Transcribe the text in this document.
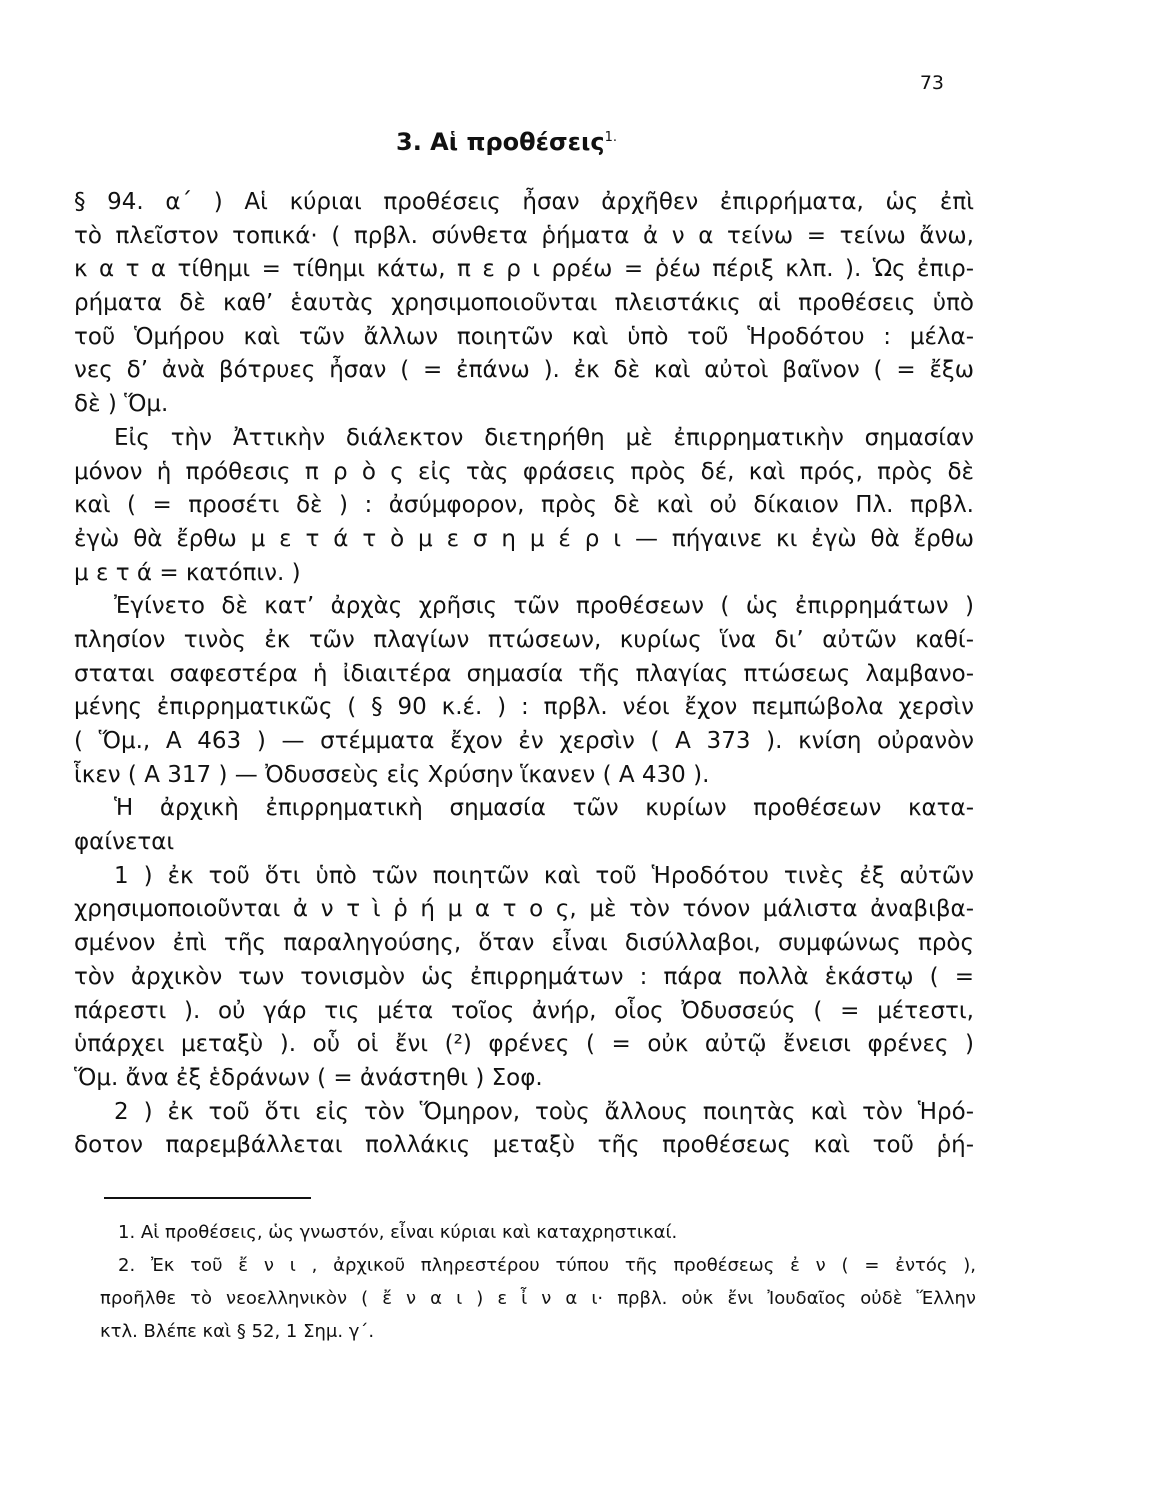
73
3. Αἱ προθέσεις$^{1.}$
§ 94. α´ ) Αἱ κύριαι προθέσεις ἦσαν ἀρχῆθεν ἐπιρρήματα, ὡς ἐπὶ
τὸ πλεῖστον τοπικά· ( πρβλ. σύνθετα ῥήματα ἀ ν α τείνω = τείνω ἄνω,
κ α τ α τίθημι = τίθημι κάτω, π ε ρ ι ρρέω = ῥέω πέριξ κλπ. ). Ὡς ἐπιρ-
ρήματα δὲ καθ’ ἑαυτὰς χρησιμοποιοῦνται πλειστάκις αἱ προθέσεις ὑπὸ
τοῦ Ὁμήρου καὶ τῶν ἄλλων ποιητῶν καὶ ὑπὸ τοῦ Ἡροδότου : μέλα-
νες δ’ ἀνὰ βότρυες ἦσαν ( = ἐπάνω ). ἐκ δὲ καὶ αὐτοὶ βαῖνον ( = ἔξω
δὲ ) Ὅμ.
Εἰς τὴν Ἀττικὴν διάλεκτον διετηρήθη μὲ ἐπιρρηματικὴν σημασίαν
μόνον ἡ πρόθεσις π ρ ὸ ς εἰς τὰς φράσεις πρὸς δέ, καὶ πρός, πρὸς δὲ
καὶ ( = προσέτι δὲ ) : ἀσύμφορον, πρὸς δὲ καὶ οὐ δίκαιον Πλ. πρβλ.
ἐγὼ θὰ ἔρθω μ ε τ ά τ ὸ μ ε σ η μ έ ρ ι — πήγαινε κι ἐγὼ θὰ ἔρθω
μ ε τ ά = κατόπιν. )
Ἐγίνετο δὲ κατ’ ἀρχὰς χρῆσις τῶν προθέσεων ( ὡς ἐπιρρημάτων )
πλησίον τινὸς ἐκ τῶν πλαγίων πτώσεων, κυρίως ἵνα δι’ αὐτῶν καθί-
σταται σαφεστέρα ἡ ἰδιαιτέρα σημασία τῆς πλαγίας πτώσεως λαμβανο-
μένης ἐπιρρηματικῶς ( § 90 κ.έ. ) : πρβλ. νέοι ἔχον πεμπώβολα χερσὶν
( Ὅμ., Α 463 ) — στέμματα ἔχον ἐν χερσὶν ( Α 373 ). κνίση οὐρανὸν
ἷκεν ( Α 317 ) — Ὀδυσσεὺς εἰς Χρύσην ἵκανεν ( Α 430 ).
Ἡ ἀρχικὴ ἐπιρρηματικὴ σημασία τῶν κυρίων προθέσεων κατα-
φαίνεται
1 ) ἐκ τοῦ ὅτι ὑπὸ τῶν ποιητῶν καὶ τοῦ Ἡροδότου τινὲς ἐξ αὐτῶν
χρησιμοποιοῦνται ἀ ν τ ὶ ῥ ή μ α τ ο ς, μὲ τὸν τόνον μάλιστα ἀναβιβα-
σμένον ἐπὶ τῆς παραληγούσης, ὅταν εἶναι δισύλλαβοι, συμφώνως πρὸς
τὸν ἀρχικὸν των τονισμὸν ὡς ἐπιρρημάτων : πάρα πολλὰ ἑκάστῳ ( =
πάρεστι ). οὐ γάρ τις μέτα τοῖος ἀνήρ, οἷος Ὀδυσσεύς ( = μέτεστι,
ὑπάρχει μεταξὺ ). οὗ οἱ ἔνι (²) φρένες ( = οὐκ αὐτῷ ἔνεισι φρένες )
Ὅμ. ἄνα ἐξ ἑδράνων ( = ἀνάστηθι ) Σοφ.
2 ) ἐκ τοῦ ὅτι εἰς τὸν Ὅμηρον, τοὺς ἄλλους ποιητὰς καὶ τὸν Ἡρό-
δοτον παρεμβάλλεται πολλάκις μεταξὺ τῆς προθέσεως καὶ τοῦ ῥή-
1. Αἱ προθέσεις, ὡς γνωστόν, εἶναι κύριαι καὶ καταχρηστικαί.
2. Ἐκ τοῦ ἔ ν ι , ἀρχικοῦ πληρεστέρου τύπου τῆς προθέσεως ἐ ν ( = ἐντός ),
προῆλθε τὸ νεοελληνικὸν ( ἔ ν α ι ) ε ἶ ν α ι· πρβλ. οὐκ ἔνι Ἰουδαῖος οὐδὲ Ἕλλην
κτλ. Βλέπε καὶ § 52, 1 Σημ. γ´.
